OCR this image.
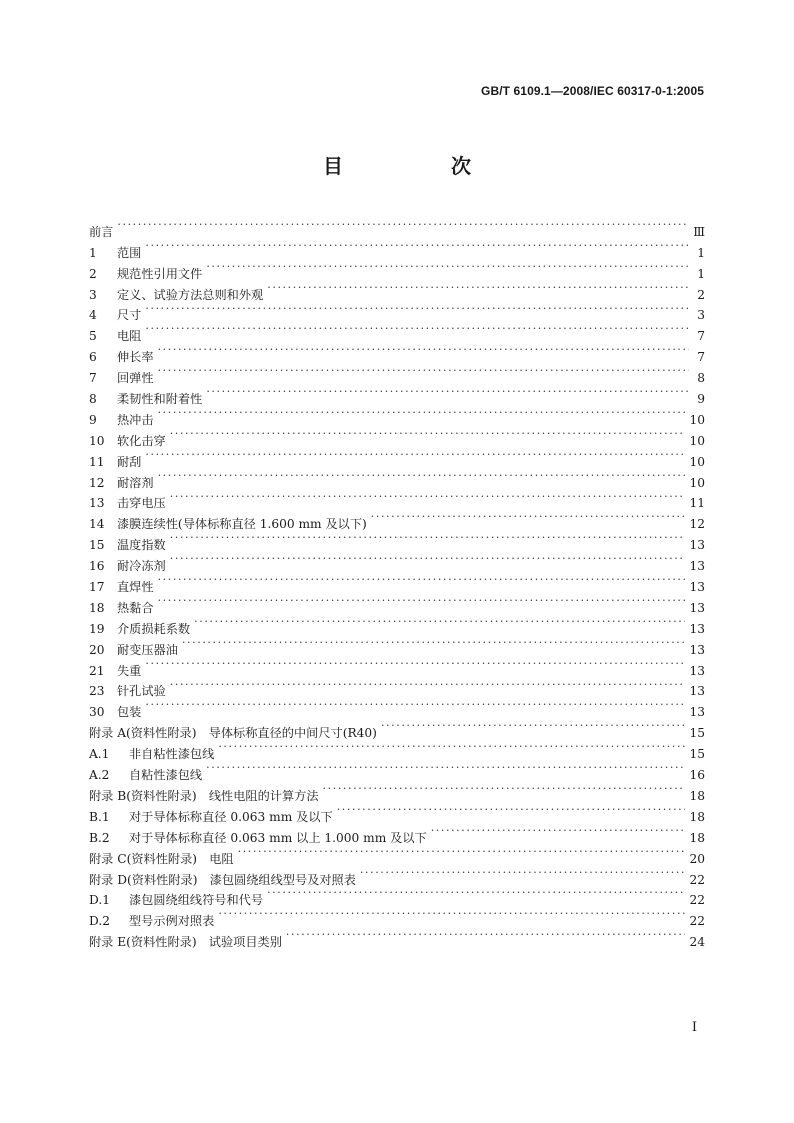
GB/T 6109.1—2008/IEC 60317-0-1:2005
目　次
前言 ·····	Ⅲ
1	范围 ·····	1
2	规范性引用文件 ·····	1
3	定义、试验方法总则和外观 ·····	2
4	尺寸 ·····	3
5	电阻 ·····	7
6	伸长率 ·····	7
7	回弹性 ·····	8
8	柔韧性和附着性 ·····	9
9	热冲击 ·····	10
10	软化击穿 ·····	10
11	耐刮 ·····	10
12	耐溶剂 ·····	10
13	击穿电压 ·····	11
14	漆膜连续性(导体标称直径 1.600 mm 及以下) ·····	12
15	温度指数 ·····	13
16	耐冷冻剂 ·····	13
17	直焊性 ·····	13
18	热黏合 ·····	13
19	介质损耗系数 ·····	13
20	耐变压器油 ·····	13
21	失重 ·····	13
23	针孔试验 ·····	13
30	包装 ·····	13
附录 A(资料性附录)　导体标称直径的中间尺寸(R40) ·····	15
A.1	非自粘性漆包线 ·····	15
A.2	自粘性漆包线 ·····	16
附录 B(资料性附录)　线性电阻的计算方法 ·····	18
B.1	对于导体标称直径 0.063 mm 及以下 ·····	18
B.2	对于导体标称直径 0.063 mm 以上 1.000 mm 及以下 ·····	18
附录 C(资料性附录)　电阻 ·····	20
附录 D(资料性附录)　漆包圆绕组线型号及对照表 ·····	22
D.1	漆包圆绕组线符号和代号 ·····	22
D.2	型号示例对照表 ·····	22
附录 E(资料性附录)　试验项目类别 ·····	24
I
